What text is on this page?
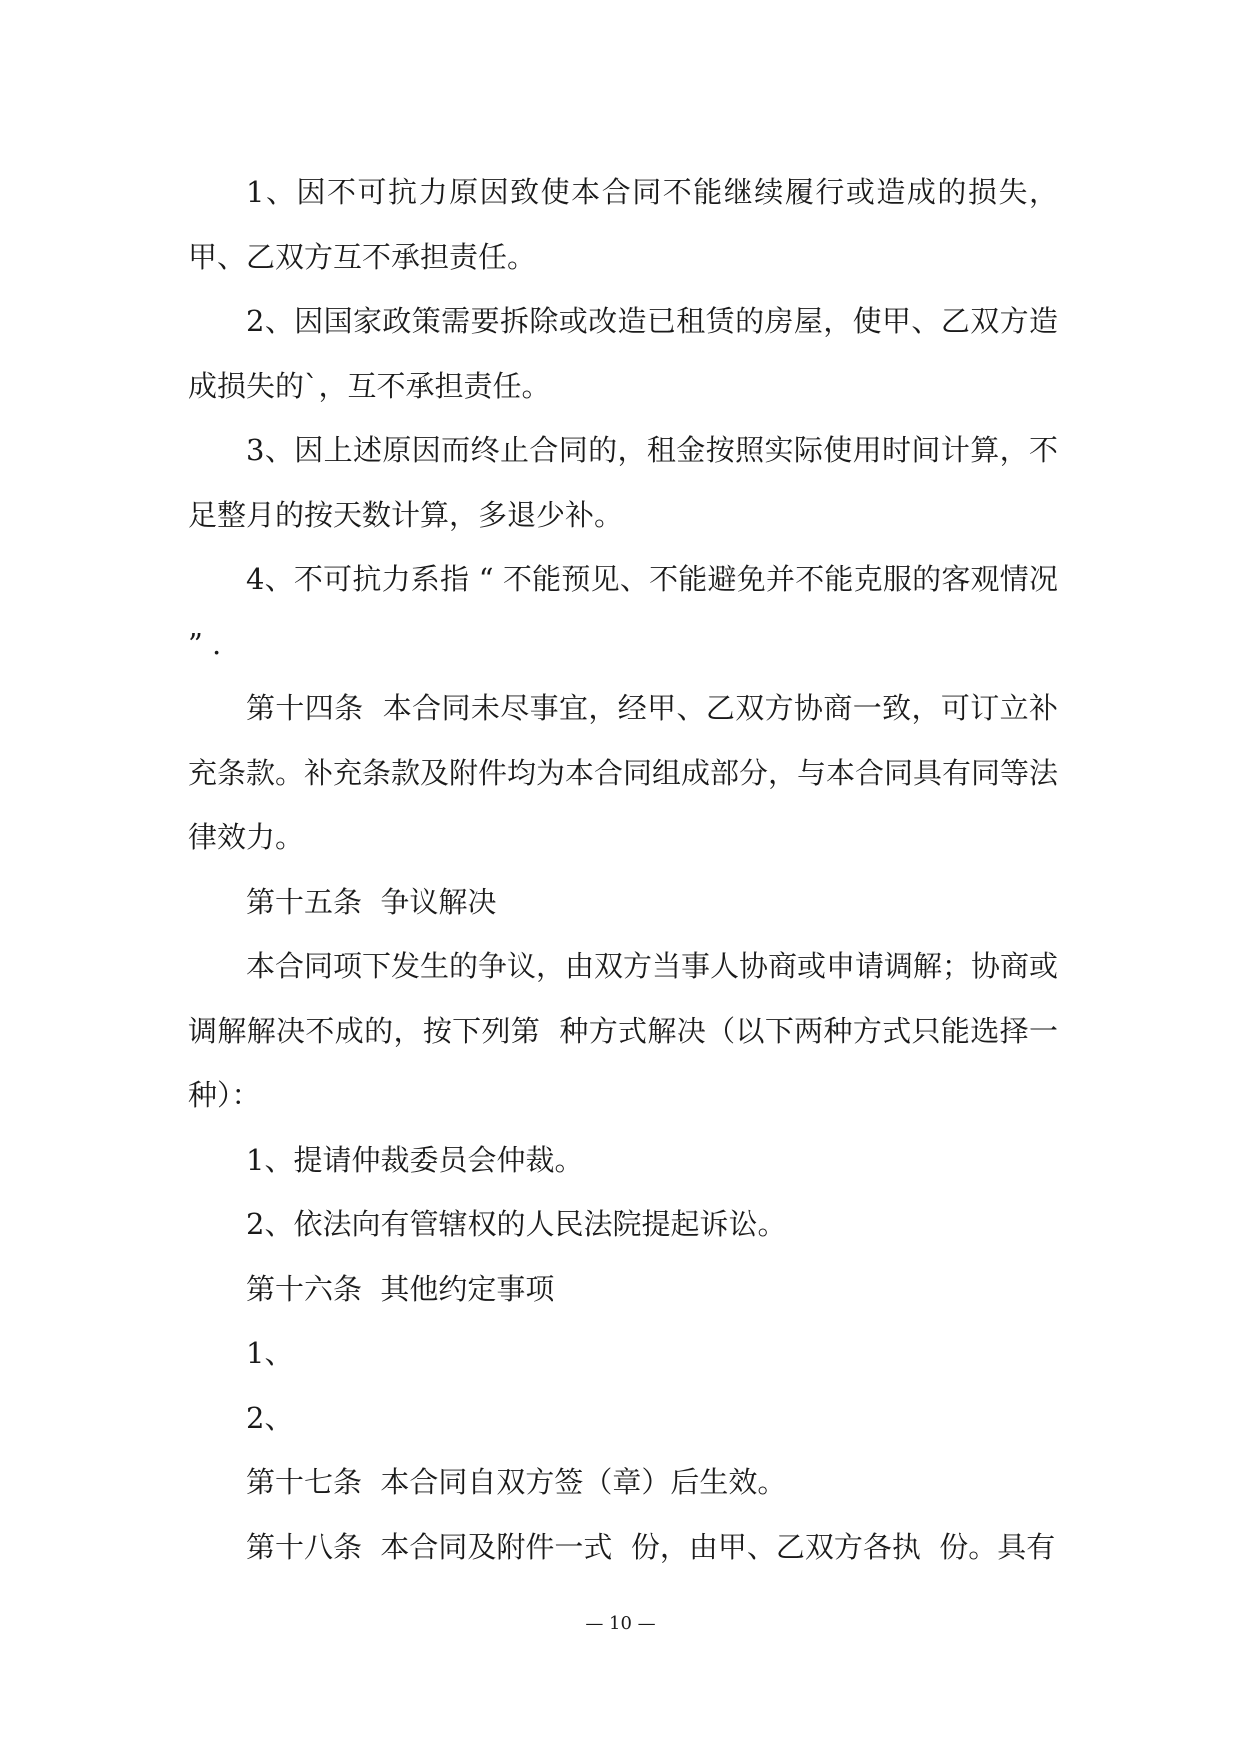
1、因不可抗力原因致使本合同不能继续履行或造成的损失，甲、乙双方互不承担责任。

2、因国家政策需要拆除或改造已租赁的房屋，使甲、乙双方造成损失的`，互不承担责任。

3、因上述原因而终止合同的，租金按照实际使用时间计算，不足整月的按天数计算，多退少补。

4、不可抗力系指 “ 不能预见、不能避免并不能克服的客观情况 ” .

第十四条  本合同未尽事宜，经甲、乙双方协商一致，可订立补充条款。补充条款及附件均为本合同组成部分，与本合同具有同等法律效力。

第十五条  争议解决

本合同项下发生的争议，由双方当事人协商或申请调解；协商或调解解决不成的，按下列第  种方式解决（以下两种方式只能选择一种）：

1、提请仲裁委员会仲裁。

2、依法向有管辖权的人民法院提起诉讼。

第十六条  其他约定事项

1、

2、

第十七条  本合同自双方签（章）后生效。

第十八条  本合同及附件一式  份，由甲、乙双方各执  份。具有

— 10 —
